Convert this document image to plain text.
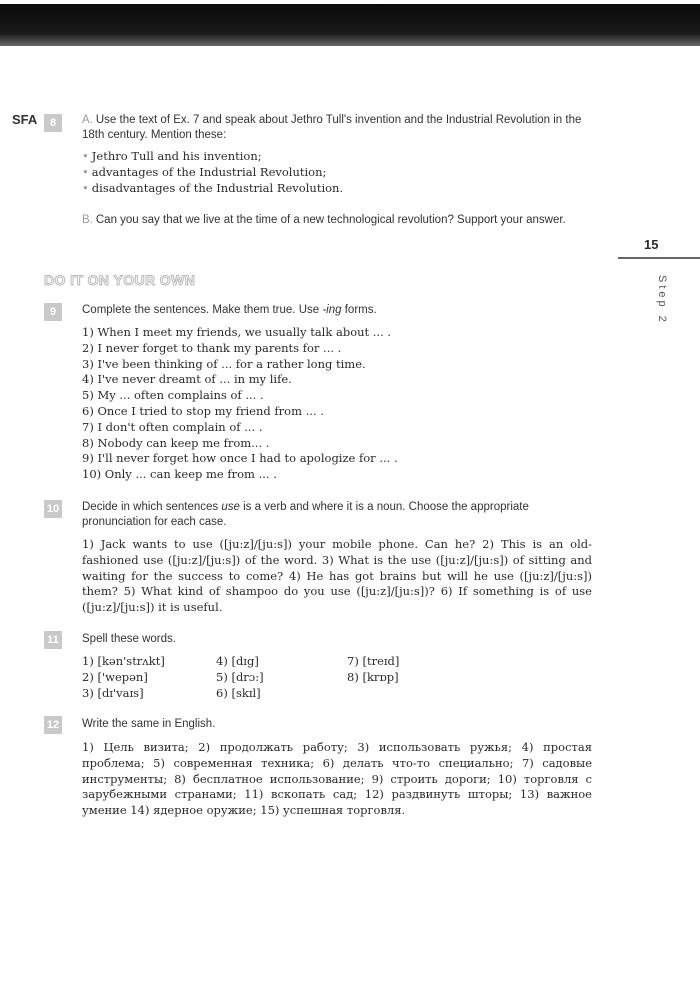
SFA	8	A. Use the text of Ex. 7 and speak about Jethro Tull's invention and the Industrial Revolution in the 18th century. Mention these:
• Jethro Tull and his invention;
• advantages of the Industrial Revolution;
• disadvantages of the Industrial Revolution.
B. Can you say that we live at the time of a new technological revolution? Support your answer.
15
Step 2
DO IT ON YOUR OWN
9	Complete the sentences. Make them true. Use -ing forms.
1) When I meet my friends, we usually talk about ... .
2) I never forget to thank my parents for ... .
3) I've been thinking of ... for a rather long time.
4) I've never dreamt of ... in my life.
5) My ... often complains of ... .
6) Once I tried to stop my friend from ... .
7) I don't often complain of ... .
8) Nobody can keep me from... .
9) I'll never forget how once I had to apologize for ... .
10) Only ... can keep me from ... .
10 Decide in which sentences use is a verb and where it is a noun. Choose the appropriate pronunciation for each case.
1) Jack wants to use ([ju:z]/[ju:s]) your mobile phone. Can he? 2) This is an old-fashioned use ([ju:z]/[ju:s]) of the word. 3) What is the use ([ju:z]/[ju:s]) of sitting and waiting for the success to come? 4) He has got brains but will he use ([ju:z]/[ju:s]) them? 5) What kind of shampoo do you use ([ju:z]/[ju:s])? 6) If something is of use ([ju:z]/[ju:s]) it is useful.
11 Spell these words.
1) [kən'strʌkt]	4) [dɪg]	7) [treɪd]
2) ['wepən]	5) [drɔ:]	8) [krɒp]
3) [dɪ'vaɪs]	6) [skɪl]
12 Write the same in English.
1) Цель визита; 2) продолжать работу; 3) использовать ружья; 4) простая проблема; 5) современная техника; 6) делать что-то специально; 7) садовые инструменты; 8) бесплатное использование; 9) строить дороги; 10) торговля с зарубежными странами; 11) вскопать сад; 12) раздвинуть шторы; 13) важное умение 14) ядерное оружие; 15) успешная торговля.
